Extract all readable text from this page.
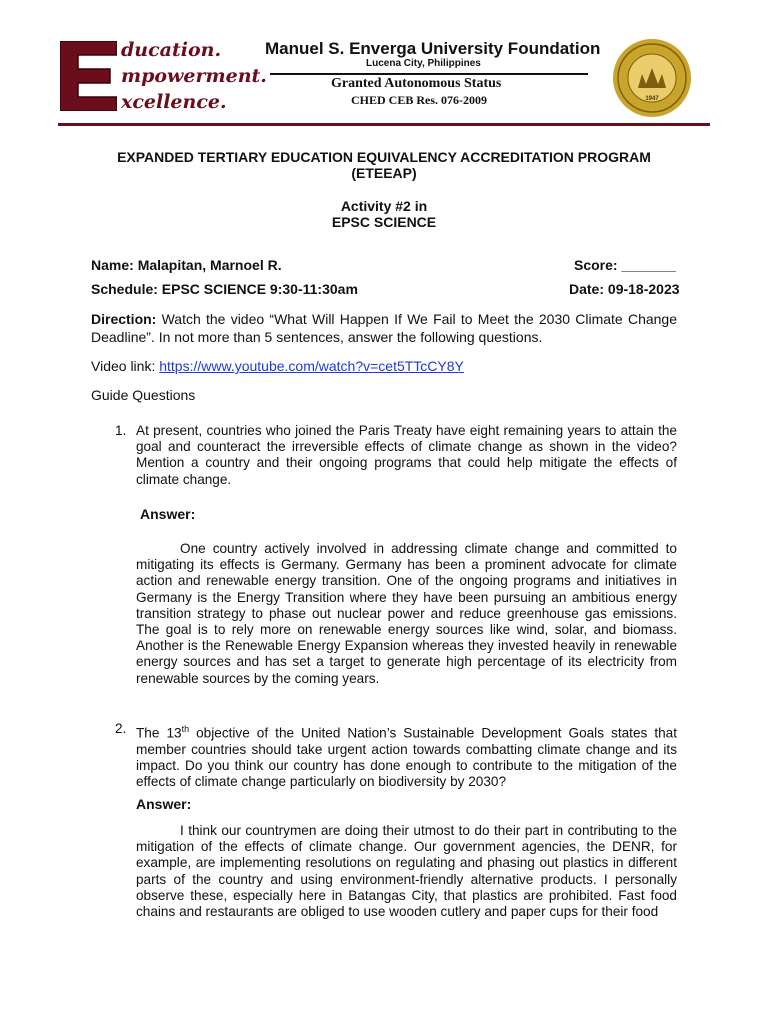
ducation.
mpowerment.
xcellence.
Manuel S. Enverga University Foundation
Lucena City, Philippines
Granted Autonomous Status
CHED CEB Res. 076-2009	1947
EXPANDED TERTIARY EDUCATION EQUIVALENCY ACCREDITATION PROGRAM
(ETEEAP)
Activity #2 in
EPSC SCIENCE
Name: Malapitan, Marnoel R.	Score: _______
Schedule: EPSC SCIENCE 9:30-11:30am	Date: 09-18-2023
Direction: Watch the video “What Will Happen If We Fail to Meet the 2030 Climate Change Deadline”. In not more than 5 sentences, answer the following questions.
Video link: https://www.youtube.com/watch?v=cet5TTcCY8Y
Guide Questions
1. At present, countries who joined the Paris Treaty have eight remaining years to attain the goal and counteract the irreversible effects of climate change as shown in the video? Mention a country and their ongoing programs that could help mitigate the effects of climate change.
Answer:
One country actively involved in addressing climate change and committed to mitigating its effects is Germany. Germany has been a prominent advocate for climate action and renewable energy transition. One of the ongoing programs and initiatives in Germany is the Energy Transition where they have been pursuing an ambitious energy transition strategy to phase out nuclear power and reduce greenhouse gas emissions. The goal is to rely more on renewable energy sources like wind, solar, and biomass. Another is the Renewable Energy Expansion whereas they invested heavily in renewable energy sources and has set a target to generate high percentage of its electricity from renewable sources by the coming years.
2. The 13th objective of the United Nation’s Sustainable Development Goals states that member countries should take urgent action towards combatting climate change and its impact. Do you think our country has done enough to contribute to the mitigation of the effects of climate change particularly on biodiversity by 2030?
Answer:
I think our countrymen are doing their utmost to do their part in contributing to the mitigation of the effects of climate change. Our government agencies, the DENR, for example, are implementing resolutions on regulating and phasing out plastics in different parts of the country and using environment-friendly alternative products. I personally observe these, especially here in Batangas City, that plastics are prohibited. Fast food chains and restaurants are obliged to use wooden cutlery and paper cups for their food
